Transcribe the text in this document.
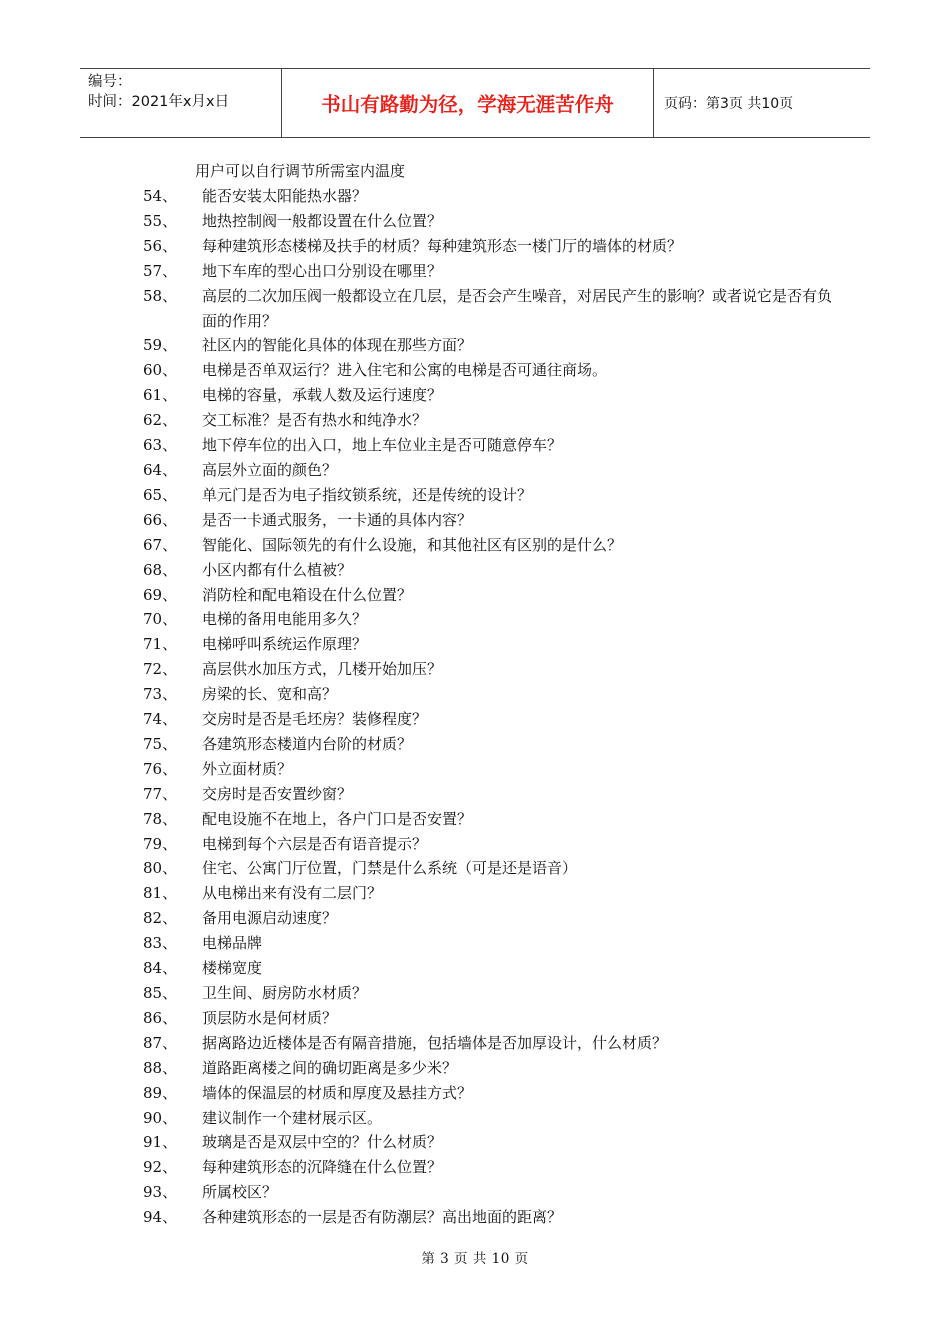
编号：
时间：2021年x月x日	书山有路勤为径，学海无涯苦作舟	页码：第3页 共10页
用户可以自行调节所需室内温度
54、	能否安装太阳能热水器？
55、	地热控制阀一般都设置在什么位置？
56、	每种建筑形态楼梯及扶手的材质？每种建筑形态一楼门厅的墙体的材质？
57、	地下车库的型心出口分别设在哪里？
58、	高层的二次加压阀一般都设立在几层，是否会产生噪音，对居民产生的影响？或者说它是否有负面的作用？
59、	社区内的智能化具体的体现在那些方面？
60、	电梯是否单双运行？进入住宅和公寓的电梯是否可通往商场。
61、	电梯的容量，承载人数及运行速度？
62、	交工标准？是否有热水和纯净水？
63、	地下停车位的出入口，地上车位业主是否可随意停车？
64、	高层外立面的颜色？
65、	单元门是否为电子指纹锁系统，还是传统的设计？
66、	是否一卡通式服务，一卡通的具体内容？
67、	智能化、国际领先的有什么设施，和其他社区有区别的是什么？
68、	小区内都有什么植被？
69、	消防栓和配电箱设在什么位置？
70、	电梯的备用电能用多久？
71、	电梯呼叫系统运作原理？
72、	高层供水加压方式，几楼开始加压？
73、	房梁的长、宽和高？
74、	交房时是否是毛坯房？装修程度？
75、	各建筑形态楼道内台阶的材质？
76、	外立面材质？
77、	交房时是否安置纱窗？
78、	配电设施不在地上，各户门口是否安置？
79、	电梯到每个六层是否有语音提示？
80、	住宅、公寓门厅位置，门禁是什么系统（可是还是语音）
81、	从电梯出来有没有二层门？
82、	备用电源启动速度？
83、	电梯品牌
84、	楼梯宽度
85、	卫生间、厨房防水材质？
86、	顶层防水是何材质？
87、	据离路边近楼体是否有隔音措施，包括墙体是否加厚设计，什么材质？
88、	道路距离楼之间的确切距离是多少米？
89、	墙体的保温层的材质和厚度及悬挂方式？
90、	建议制作一个建材展示区。
91、	玻璃是否是双层中空的？什么材质？
92、	每种建筑形态的沉降缝在什么位置？
93、	所属校区？
94、	各种建筑形态的一层是否有防潮层？高出地面的距离？
第 3 页 共 10 页
